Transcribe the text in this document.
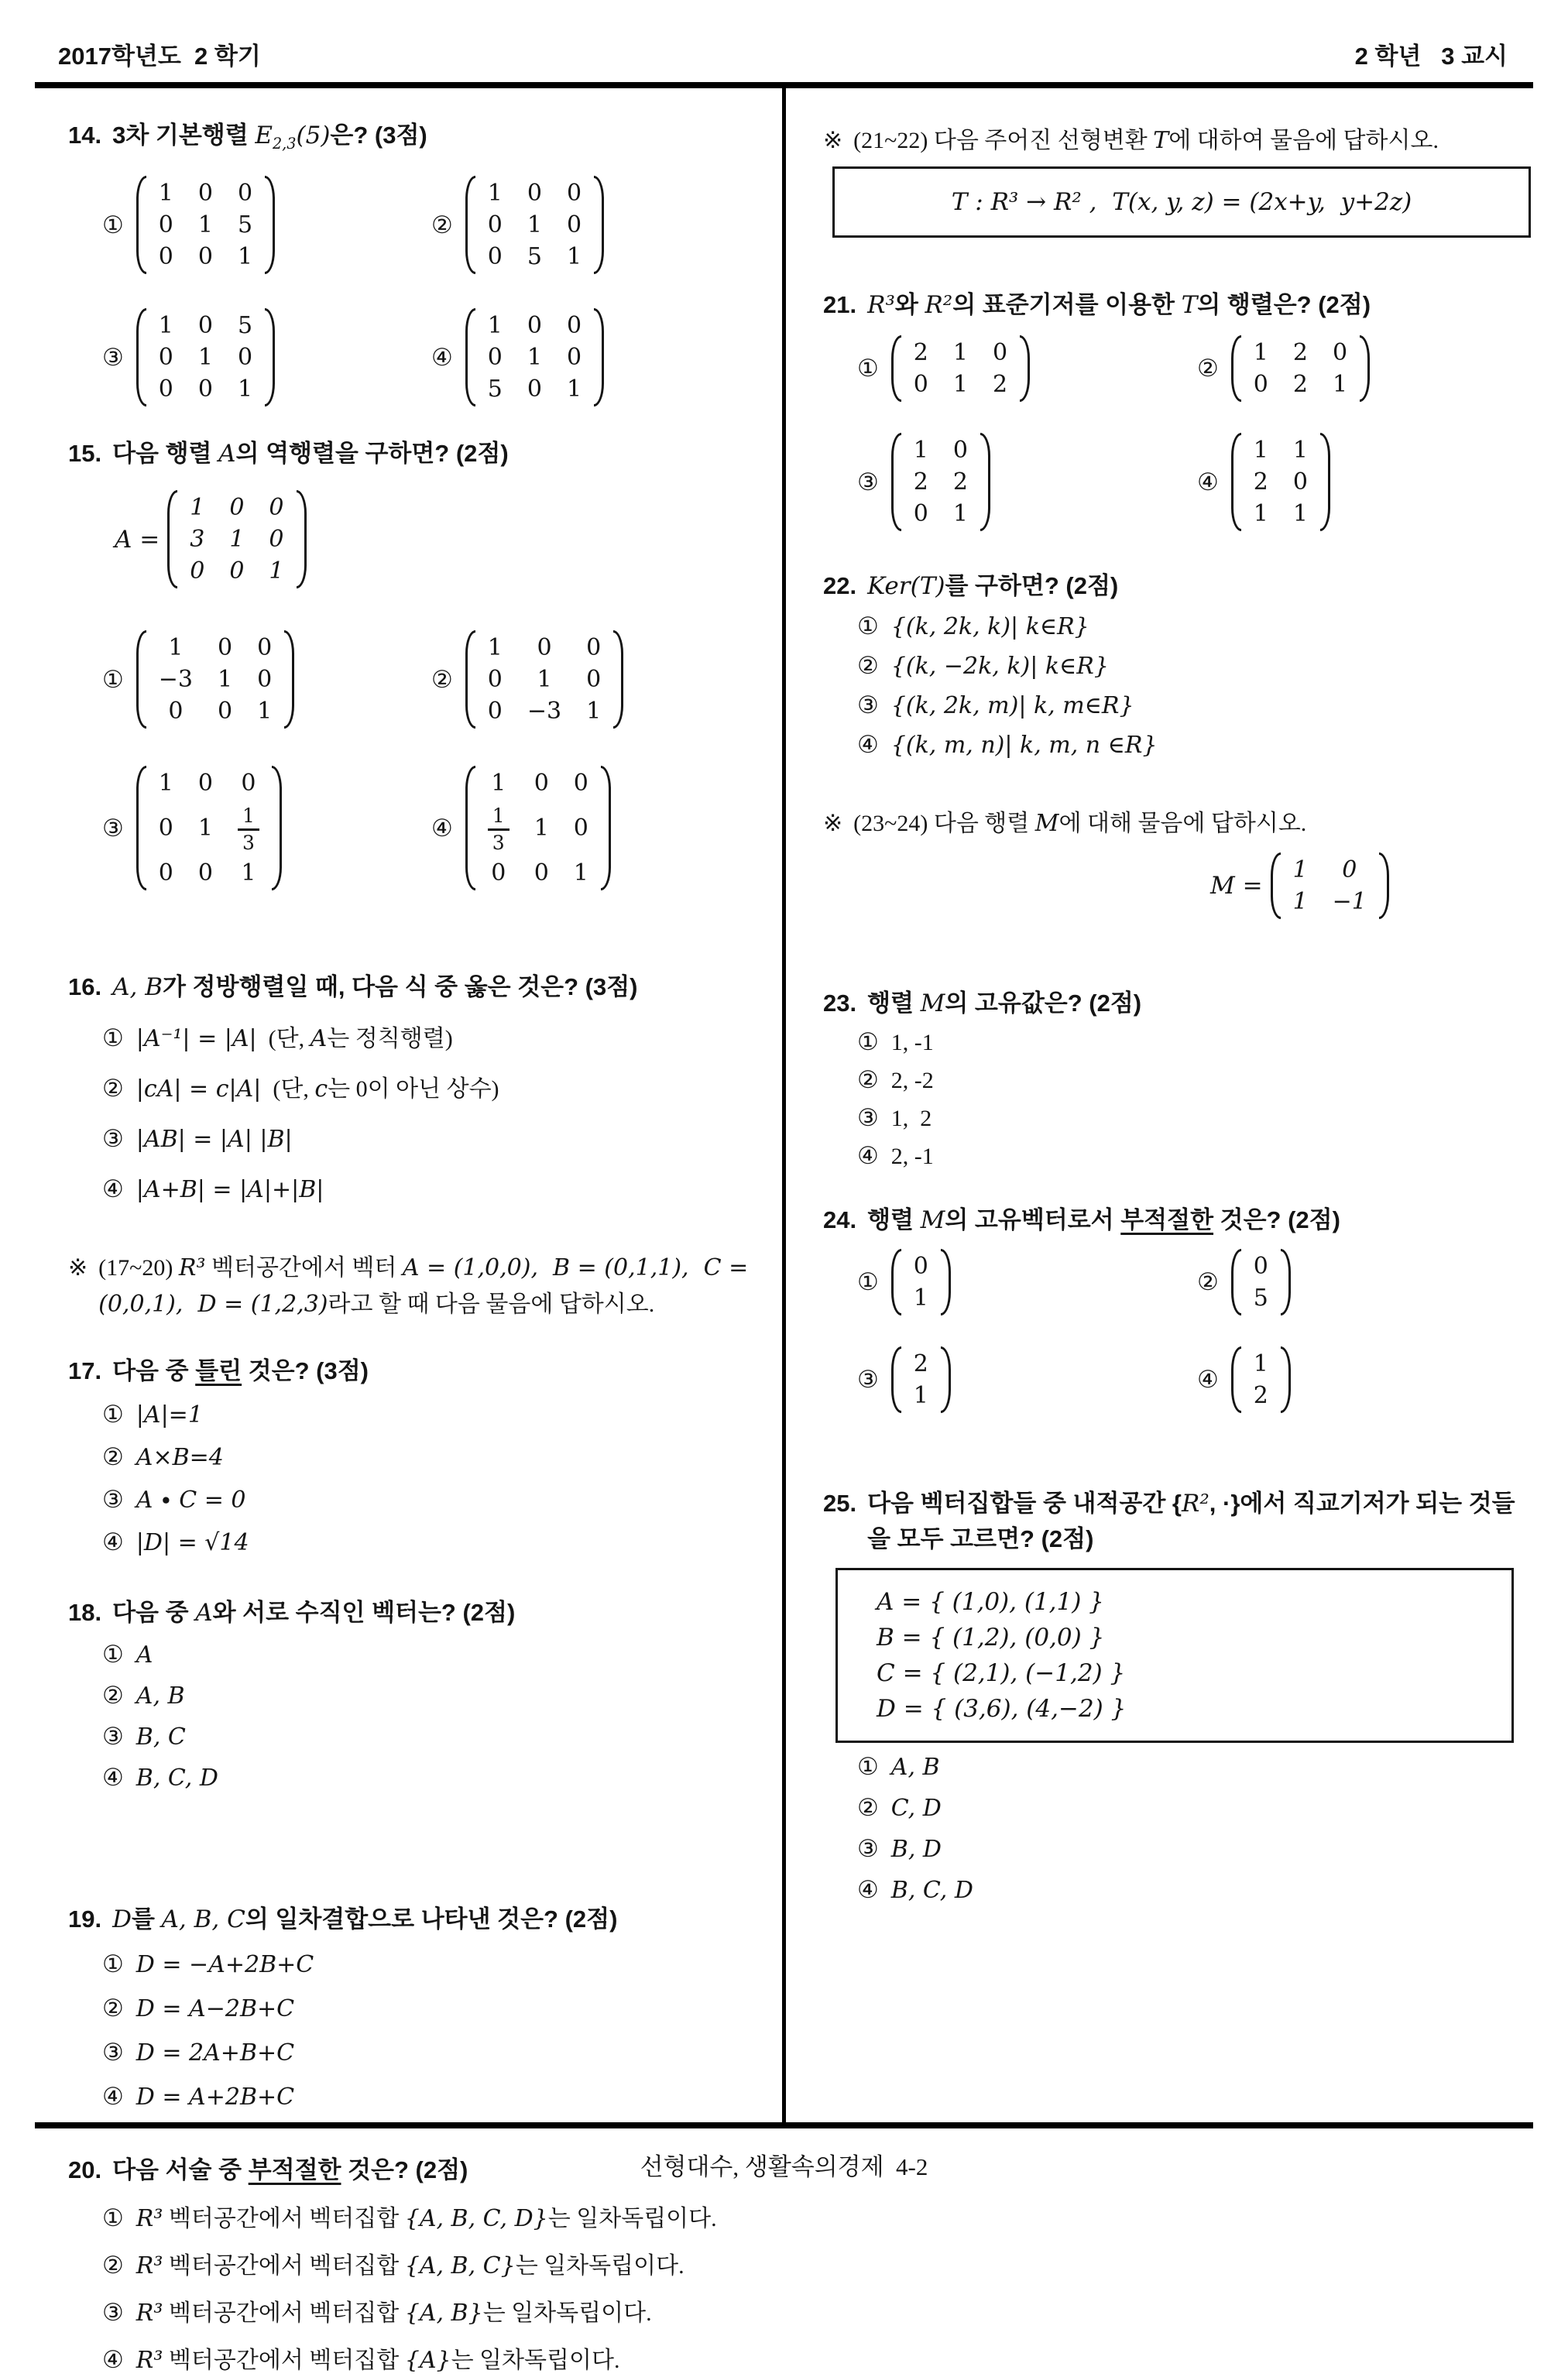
2017학년도  2 학기	2 학년   3 교시
14. 3차 기본행렬 $E_{2,3}(5)$은? (3점)
①
1 0 0
0 1 5
0 0 1
②
1 0 0
0 1 0
0 5 1
③
1 0 5
0 1 0
0 0 1
④
1 0 0
0 1 0
5 0 1
15. 다음 행렬 A의 역행렬을 구하면? (2점)
A =
1 0 0
3 1 0
0 0 1
①
1 0 0
−3 1 0
0 0 1
②
1 0 0
0 1 0
0 −3 1
③
1 0 0
0 $1 \frac{1}{3}$
0 0 1
④
1 0 0
$\frac{1}{3} 1$ 0
0 0 1
16. A, B가 정방행렬일 때, 다음 식 중 옳은 것은? (3점)
① |A⁻¹| = |A|  (단, A는 정칙행렬)
② |cA| = c|A|  (단, c는 0이 아닌 상수)
③ |AB| = |A| |B|
④ |A+B| = |A|+|B|
※ (17~20) R³ 벡터공간에서 벡터 A = (1,0,0),  B = (0,1,1),  C = (0,0,1),  D = (1,2,3)라고 할 때 다음 물음에 답하시오.
17. 다음 중 틀린 것은? (3점)
① |A|=1
② A×B=4
③ A ∙ C = 0
④ |D| = √14
18. 다음 중 A와 서로 수직인 벡터는? (2점)
① A
② A, B
③ B, C
④ B, C, D
19. D를 A, B, C의 일차결합으로 나타낸 것은? (2점)
① D = −A+2B+C
② D = A−2B+C
③ D = 2A+B+C
④ D = A+2B+C
20. 다음 서술 중 부적절한 것은? (2점)
① R³ 벡터공간에서 벡터집합 {A, B, C, D}는 일차독립이다.
② R³ 벡터공간에서 벡터집합 {A, B, C}는 일차독립이다.
③ R³ 벡터공간에서 벡터집합 {A, B}는 일차독립이다.
④ R³ 벡터공간에서 벡터집합 {A}는 일차독립이다.
※ (21~22) 다음 주어진 선형변환 T에 대하여 물음에 답하시오.
T : R³ → R² ,  T(x, y, z) = (2x+y,  y+2z)
21. R³와 R²의 표준기저를 이용한 T의 행렬은? (2점)
①
2 1 0
0 1 2
②
1 2 0
0 2 1
③
1 0
2 2
0 1
④
1 1
2 0
1 1
22. Ker(T)를 구하면? (2점)
① {(k, 2k, k)| k∈R}
② {(k, −2k, k)| k∈R}
③ {(k, 2k, m)| k, m∈R}
④ {(k, m, n)| k, m, n ∈R}
※ (23~24) 다음 행렬 M에 대해 물음에 답하시오.
M =
1 0
1 −1
23. 행렬 M의 고유값은? (2점)
① 1, -1
② 2, -2
③ 1,  2
④ 2, -1
24. 행렬 M의 고유벡터로서 부적절한 것은? (2점)
①
0
1
②
0
5
③
2
1
④
1
2
25. 다음 벡터집합들 중 내적공간 {R², ·}에서 직교기저가 되는 것들을 모두 고르면? (2점)
A = { (1,0), (1,1) }
B = { (1,2), (0,0) }
C = { (2,1), (−1,2) }
D = { (3,6), (4,−2) }
① A, B
② C, D
③ B, D
④ B, C, D
선형대수, 생활속의경제  4-2
